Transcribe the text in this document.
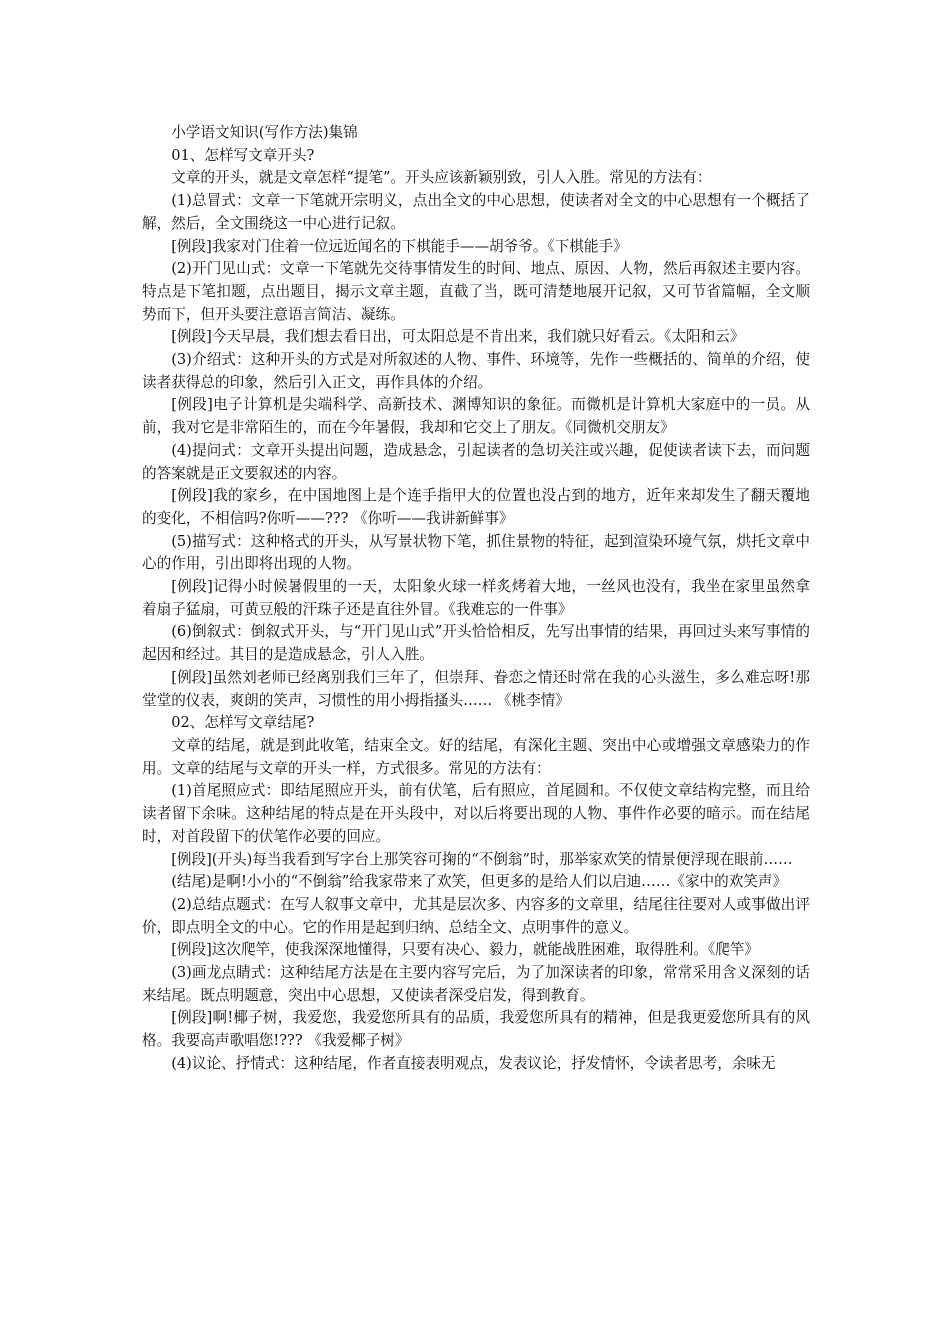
小学语文知识(写作方法)集锦

01、怎样写文章开头?

文章的开头，就是文章怎样“提笔”。开头应该新颖别致，引人入胜。常见的方法有：

(1)总冒式：文章一下笔就开宗明义，点出全文的中心思想，使读者对全文的中心思想有一个概括了解，然后，全文围绕这一中心进行记叙。

[例段]我家对门住着一位远近闻名的下棋能手——胡爷爷。《下棋能手》

(2)开门见山式：文章一下笔就先交待事情发生的时间、地点、原因、人物，然后再叙述主要内容。特点是下笔扣题，点出题目，揭示文章主题，直截了当，既可清楚地展开记叙，又可节省篇幅，全文顺势而下，但开头要注意语言简洁、凝练。

[例段]今天早晨，我们想去看日出，可太阳总是不肯出来，我们就只好看云。《太阳和云》

(3)介绍式：这种开头的方式是对所叙述的人物、事件、环境等，先作一些概括的、简单的介绍，使读者获得总的印象，然后引入正文，再作具体的介绍。

[例段]电子计算机是尖端科学、高新技术、渊博知识的象征。而微机是计算机大家庭中的一员。从前，我对它是非常陌生的，而在今年暑假，我却和它交上了朋友。《同微机交朋友》

(4)提问式：文章开头提出问题，造成悬念，引起读者的急切关注或兴趣，促使读者读下去，而问题的答案就是正文要叙述的内容。

[例段]我的家乡，在中国地图上是个连手指甲大的位置也没占到的地方，近年来却发生了翻天覆地的变化，不相信吗?你听——??? 《你听——我讲新鲜事》

(5)描写式：这种格式的开头，从写景状物下笔，抓住景物的特征，起到渲染环境气氛，烘托文章中心的作用，引出即将出现的人物。

[例段]记得小时候暑假里的一天，太阳象火球一样炙烤着大地，一丝风也没有，我坐在家里虽然拿着扇子猛扇，可黄豆般的汗珠子还是直往外冒。《我难忘的一件事》

(6)倒叙式：倒叙式开头，与“开门见山式”开头恰恰相反，先写出事情的结果，再回过头来写事情的起因和经过。其目的是造成悬念，引人入胜。

[例段]虽然刘老师已经离别我们三年了，但崇拜、眷恋之情还时常在我的心头滋生，多么难忘呀!那堂堂的仪表，爽朗的笑声，习惯性的用小拇指搔头…… 《桃李情》

02、怎样写文章结尾?

文章的结尾，就是到此收笔，结束全文。好的结尾，有深化主题、突出中心或增强文章感染力的作用。文章的结尾与文章的开头一样，方式很多。常见的方法有：

(1)首尾照应式：即结尾照应开头，前有伏笔，后有照应，首尾圆和。不仅使文章结构完整，而且给读者留下余味。这种结尾的特点是在开头段中，对以后将要出现的人物、事件作必要的暗示。而在结尾时，对首段留下的伏笔作必要的回应。

[例段](开头)每当我看到写字台上那笑容可掬的“不倒翁”时，那举家欢笑的情景便浮现在眼前……

(结尾)是啊!小小的“不倒翁”给我家带来了欢笑，但更多的是给人们以启迪……《家中的欢笑声》

(2)总结点题式：在写人叙事文章中，尤其是层次多、内容多的文章里，结尾往往要对人或事做出评价，即点明全文的中心。它的作用是起到归纳、总结全文、点明事件的意义。

[例段]这次爬竿，使我深深地懂得，只要有决心、毅力，就能战胜困难，取得胜利。《爬竿》

(3)画龙点睛式：这种结尾方法是在主要内容写完后，为了加深读者的印象，常常采用含义深刻的话来结尾。既点明题意，突出中心思想，又使读者深受启发，得到教育。

[例段]啊!椰子树，我爱您，我爱您所具有的品质，我爱您所具有的精神，但是我更爱您所具有的风格。我要高声歌唱您!??? 《我爱椰子树》

(4)议论、抒情式：这种结尾，作者直接表明观点，发表议论，抒发情怀，令读者思考，余味无
